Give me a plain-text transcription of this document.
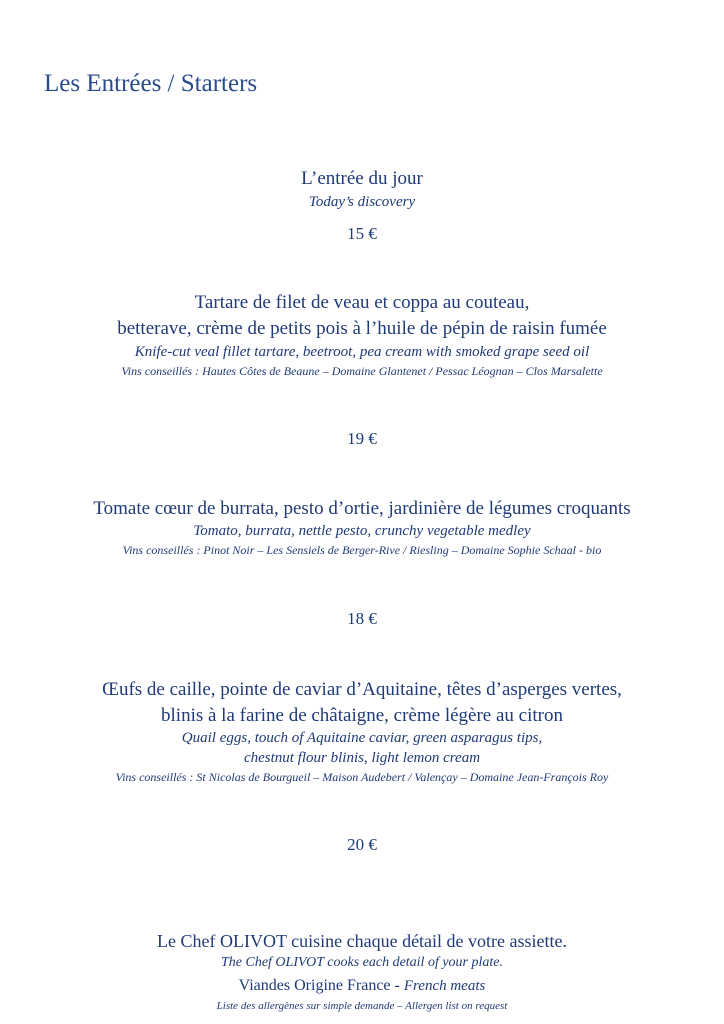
Les Entrées / Starters
L’entrée du jour
Today’s discovery
15 €
Tartare de filet de veau et coppa au couteau,
betterave, crème de petits pois à l’huile de pépin de raisin fumée
Knife-cut veal fillet tartare, beetroot, pea cream with smoked grape seed oil
Vins conseillés : Hautes Côtes de Beaune – Domaine Glantenet / Pessac Léognan – Clos Marsalette
19 €
Tomate cœur de burrata, pesto d’ortie, jardinière de légumes croquants
Tomato, burrata, nettle pesto, crunchy vegetable medley
Vins conseillés : Pinot Noir – Les Sensiels de Berger-Rive / Riesling – Domaine Sophie Schaal - bio
18 €
Œufs de caille, pointe de caviar d’Aquitaine, têtes d’asperges vertes,
blinis à la farine de châtaigne, crème légère au citron
Quail eggs, touch of Aquitaine caviar, green asparagus tips,
chestnut flour blinis, light lemon cream
Vins conseillés : St Nicolas de Bourgueil – Maison Audebert / Valençay – Domaine Jean-François Roy
20 €
Le Chef OLIVOT cuisine chaque détail de votre assiette.
The Chef OLIVOT cooks each detail of your plate.
Viandes Origine France - French meats
Liste des allergènes sur simple demande – Allergen list on request
